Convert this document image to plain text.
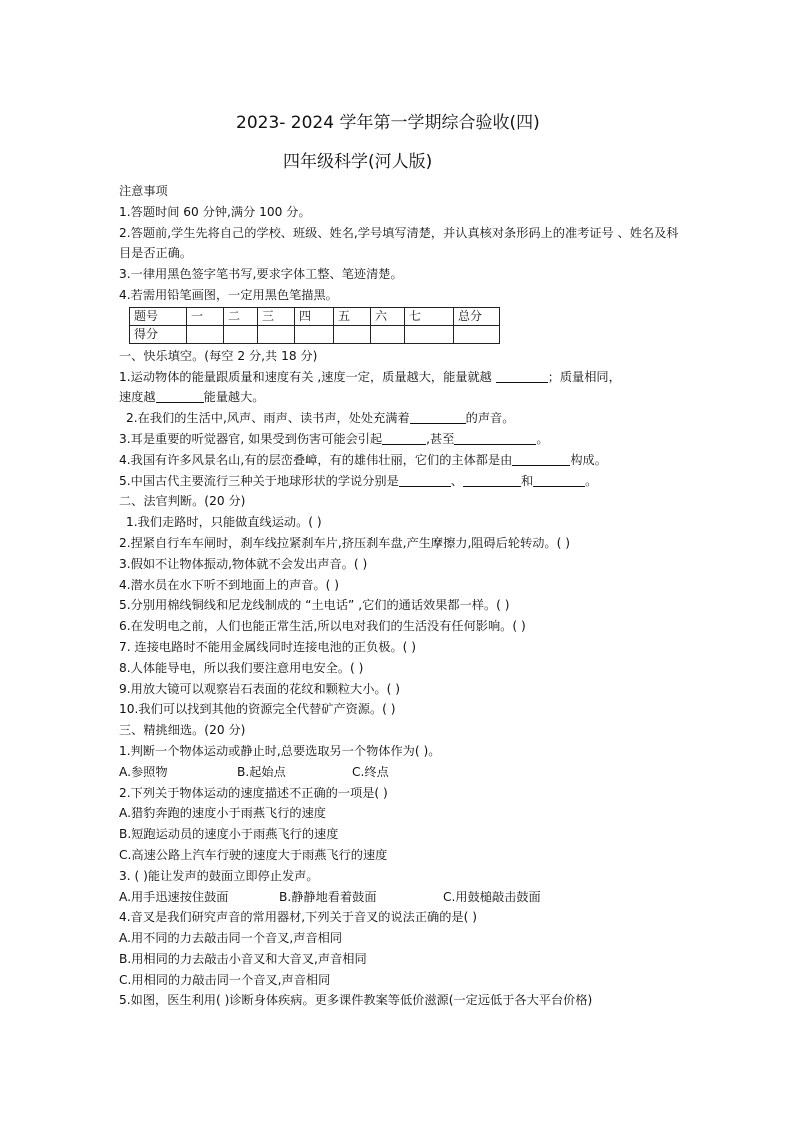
2023- 2024 学年第一学期综合验收(四)
四年级科学(河人版)
注意事项
1.答题时间 60 分钟,满分 100 分。
2.答题前,学生先将自己的学校、班级、姓名,学号填写清楚，并认真核对条形码上的准考证号 、姓名及科目是否正确。
3.一律用黑色签字笔书写,要求字体工整、笔迹清楚。
4.若需用铅笔画图，一定用黑色笔描黑。
题号	一	二	三	四	五	六	七	总分
得分								
一、快乐填空。(每空 2 分,共 18 分)
1.运动物体的能量跟质量和速度有关 ,速度一定，质量越大，能量就越	；质量相同，
速度越	能量越大。
2.在我们的生活中,风声、雨声、读书声，处处充满着	的声音。
3.耳是重要的听觉器官, 如果受到伤害可能会引起	,甚至	。
4.我国有许多风景名山,有的层峦叠嶂，有的雄伟壮丽，它们的主体都是由	构成。
5.中国古代主要流行三种关于地球形状的学说分别是	、	和	。
二、法官判断。(20 分)
1.我们走路时，只能做直线运动。( )
2.捏紧自行车车闸时，刹车线拉紧刹车片,挤压刹车盘,产生摩擦力,阻碍后轮转动。( )
3.假如不让物体振动,物体就不会发出声音。( )
4.潜水员在水下听不到地面上的声音。( )
5.分别用棉线铜线和尼龙线制成的 “土电话” ,它们的通话效果都一样。( )
6.在发明电之前，人们也能正常生活,所以电对我们的生活没有任何影响。( )
7. 连接电路时不能用金属线同时连接电池的正负极。( )
8.人体能导电，所以我们要注意用电安全。( )
9.用放大镜可以观察岩石表面的花纹和颗粒大小。( )
10.我们可以找到其他的资源完全代替矿产资源。( )
三、精挑细选。(20 分)
1.判断一个物体运动或静止时,总要选取另一个物体作为( )。
A.参照物	B.起始点	C.终点
2.下列关于物体运动的速度描述不正确的一项是( )
A.猎豹奔跑的速度小于雨燕飞行的速度
B.短跑运动员的速度小于雨燕飞行的速度
C.高速公路上汽车行驶的速度大于雨燕飞行的速度
3. ( )能让发声的鼓面立即停止发声。
A.用手迅速按住鼓面	B.静静地看着鼓面	C.用鼓槌敲击鼓面
4.音叉是我们研究声音的常用器材,下列关于音叉的说法正确的是( )
A.用不同的力去敲击同一个音叉,声音相同
B.用相同的力去敲击小音叉和大音叉,声音相同
C.用相同的力敲击同一个音叉,声音相同
5.如图，医生利用( )诊断身体疾病。更多课件教案等低价滋源(一定远低于各大平台价格)
